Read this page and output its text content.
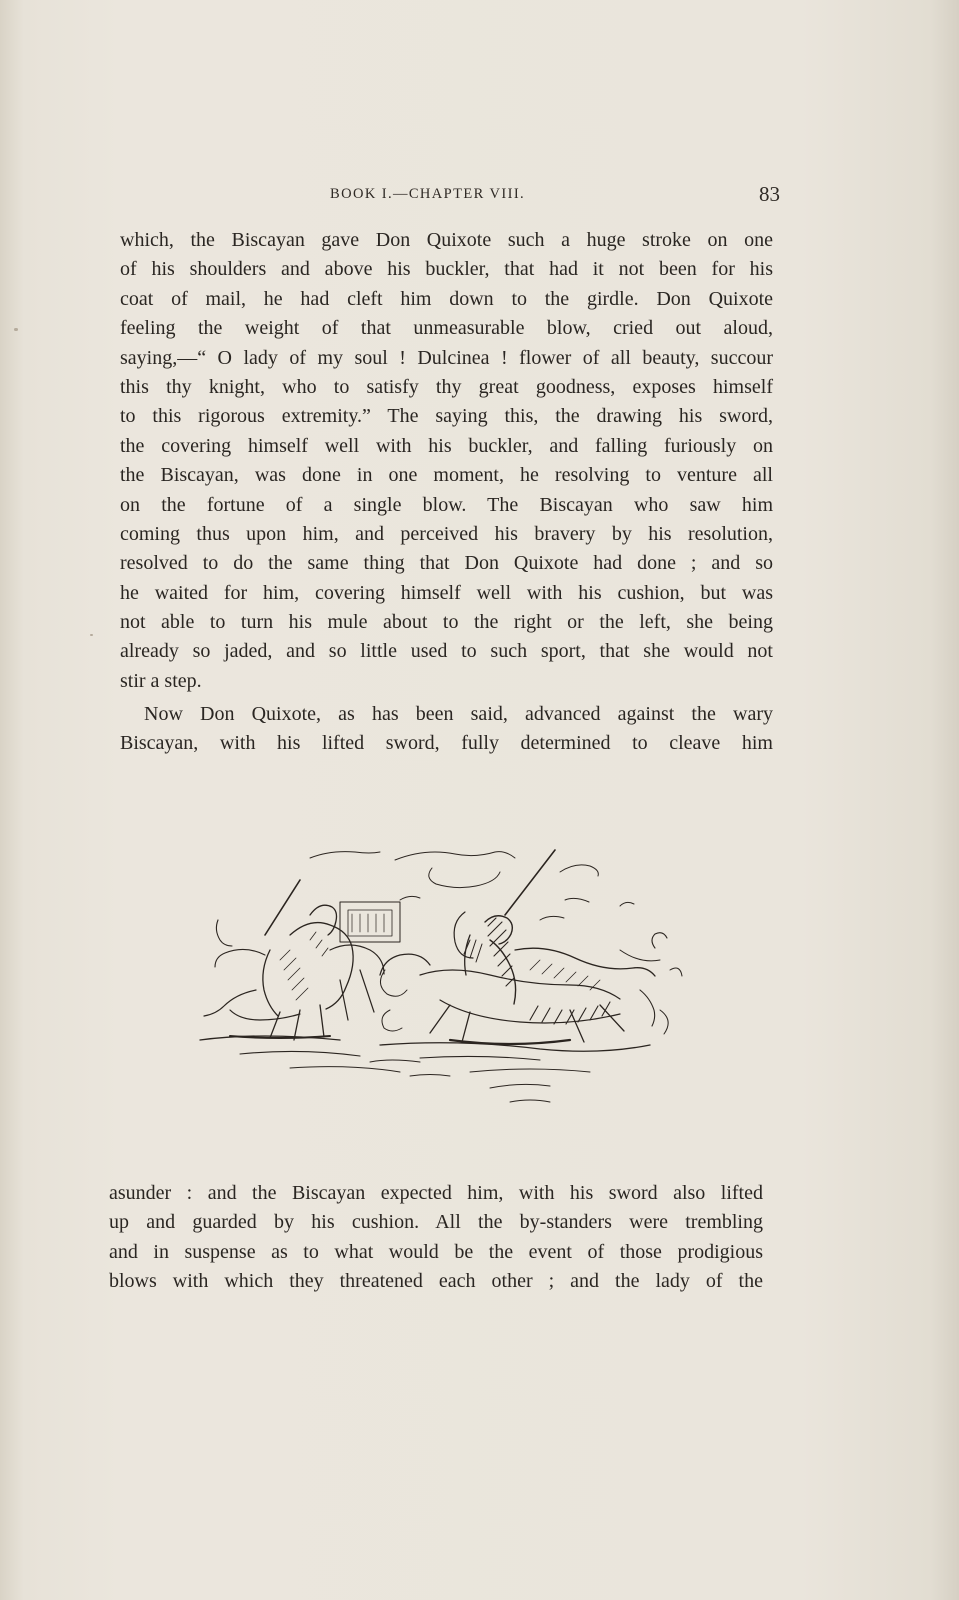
BOOK I.—CHAPTER VIII.	83
which, the Biscayan gave Don Quixote such a huge stroke on one
of his shoulders and above his buckler, that had it not been for his
coat of mail, he had cleft him down to the girdle. Don Quixote
feeling the weight of that unmeasurable blow, cried out aloud,
saying,—“ O lady of my soul ! Dulcinea ! flower of all beauty, succour
this thy knight, who to satisfy thy great goodness, exposes himself
to this rigorous extremity.” The saying this, the drawing his sword,
the covering himself well with his buckler, and falling furiously on
the Biscayan, was done in one moment, he resolving to venture all
on the fortune of a single blow. The Biscayan who saw him
coming thus upon him, and perceived his bravery by his resolution,
resolved to do the same thing that Don Quixote had done ; and so
he waited for him, covering himself well with his cushion, but was
not able to turn his mule about to the right or the left, she being
already so jaded, and so little used to such sport, that she would not
stir a step.
Now Don Quixote, as has been said, advanced against the wary
Biscayan, with his lifted sword, fully determined to cleave him
asunder : and the Biscayan expected him, with his sword also lifted
up and guarded by his cushion. All the by-standers were trembling
and in suspense as to what would be the event of those prodigious
blows with which they threatened each other ; and the lady of the
